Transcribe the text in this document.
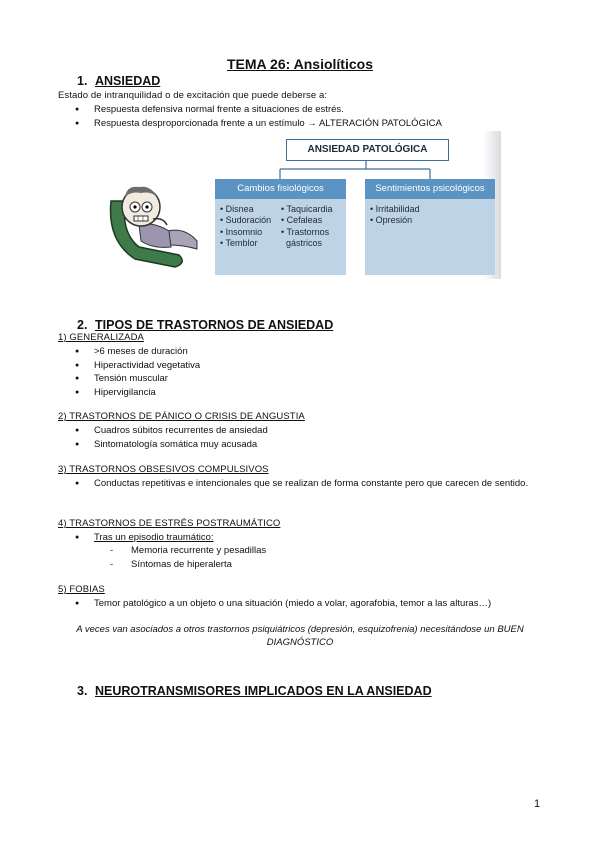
TEMA 26: Ansiolíticos
1. ANSIEDAD
Estado de intranquilidad o de excitación que puede deberse a:
● Respuesta defensiva normal frente a situaciones de estrés.
● Respuesta desproporcionada frente a un estímulo → ALTERACIÓN PATOLÓGICA
ANSIEDAD PATOLÓGICA
Cambios fisiológicos
• Disnea
• Sudoración
• Insomnio
• Temblor
• Taquicardia
• Cefaleas
• Trastornos
gástricos
Sentimientos psicológicos
• Irritabilidad
• Opresión
2. TIPOS DE TRASTORNOS DE ANSIEDAD
1) GENERALIZADA
● >6 meses de duración
● Hiperactividad vegetativa
● Tensión muscular
● Hipervigilancia
2) TRASTORNOS DE PÁNICO O CRISIS DE ANGUSTIA
● Cuadros súbitos recurrentes de ansiedad
● Sintomatología somática muy acusada
3) TRASTORNOS OBSESIVOS COMPULSIVOS
● Conductas repetitivas e intencionales que se realizan de forma constante pero que carecen de sentido.
4) TRASTORNOS DE ESTRÉS POSTRAUMÁTICO
● Tras un episodio traumático:
- Memoria recurrente y pesadillas
- Síntomas de hiperalerta
5) FOBIAS
● Temor patológico a un objeto o una situación (miedo a volar, agorafobia, temor a las alturas…)
A veces van asociados a otros trastornos psiquiátricos (depresión, esquizofrenia) necesitándose un BUEN
DIAGNÓSTICO
3. NEUROTRANSMISORES IMPLICADOS EN LA ANSIEDAD
1
